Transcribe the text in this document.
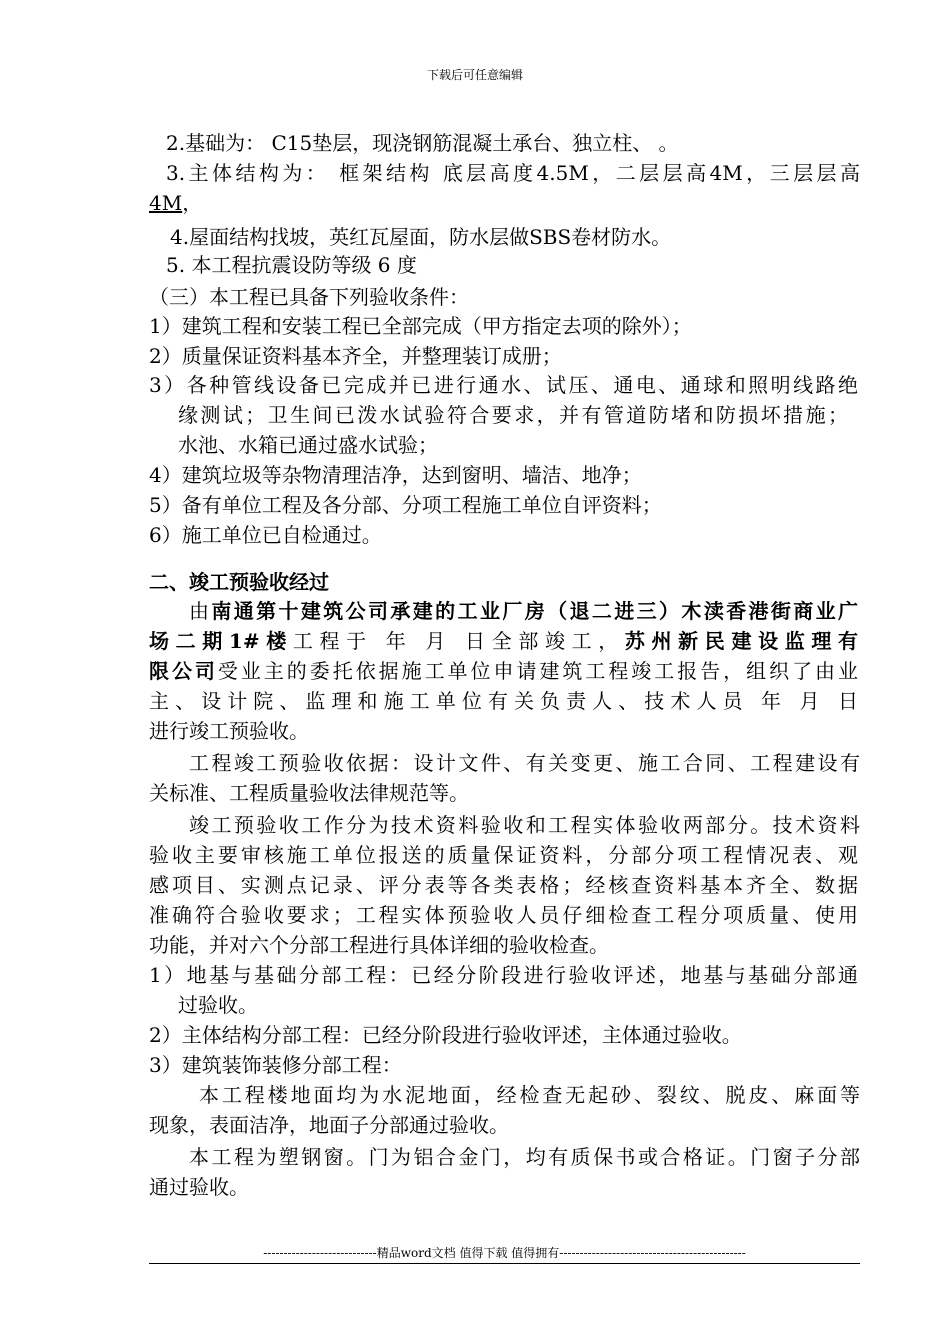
下载后可任意编辑
2.基础为： C15垫层，现浇钢筋混凝土承台、独立柱、 。
3.主体结构为： 框架结构 底层高度4.5M，二层层高4M，三层层高
4M，
4.屋面结构找坡，英红瓦屋面，防水层做SBS卷材防水。
5. 本工程抗震设防等级 6 度
（三）本工程已具备下列验收条件：
1）建筑工程和安装工程已全部完成（甲方指定去项的除外）；
2）质量保证资料基本齐全，并整理装订成册；
3）各种管线设备已完成并已进行通水、试压、通电、通球和照明线路绝
缘测试；卫生间已泼水试验符合要求，并有管道防堵和防损坏措施；
水池、水箱已通过盛水试验；
4）建筑垃圾等杂物清理洁净，达到窗明、墙洁、地净；
5）备有单位工程及各分部、分项工程施工单位自评资料；
6）施工单位已自检通过。
二、竣工预验收经过
由南通第十建筑公司承建的工业厂房（退二进三）木渎香港街商业广
场二期1#楼工程于 年 月 日全部竣工，苏州新民建设监理有
限公司受业主的委托依据施工单位申请建筑工程竣工报告，组织了由业
主、设计院、监理和施工单位有关负责人、技术人员 年 月 日
进行竣工预验收。
工程竣工预验收依据：设计文件、有关变更、施工合同、工程建设有
关标准、工程质量验收法律规范等。
竣工预验收工作分为技术资料验收和工程实体验收两部分。技术资料
验收主要审核施工单位报送的质量保证资料，分部分项工程情况表、观
感项目、实测点记录、评分表等各类表格；经核查资料基本齐全、数据
准确符合验收要求；工程实体预验收人员仔细检查工程分项质量、使用
功能，并对六个分部工程进行具体详细的验收检查。
1）地基与基础分部工程：已经分阶段进行验收评述，地基与基础分部通
过验收。
2）主体结构分部工程：已经分阶段进行验收评述，主体通过验收。
3）建筑装饰装修分部工程：
本工程楼地面均为水泥地面，经检查无起砂、裂纹、脱皮、麻面等
现象，表面洁净，地面子分部通过验收。
本工程为塑钢窗。门为铝合金门，均有质保书或合格证。门窗子分部
通过验收。
----------------------------精品word文档 值得下载 值得拥有----------------------------------------------
